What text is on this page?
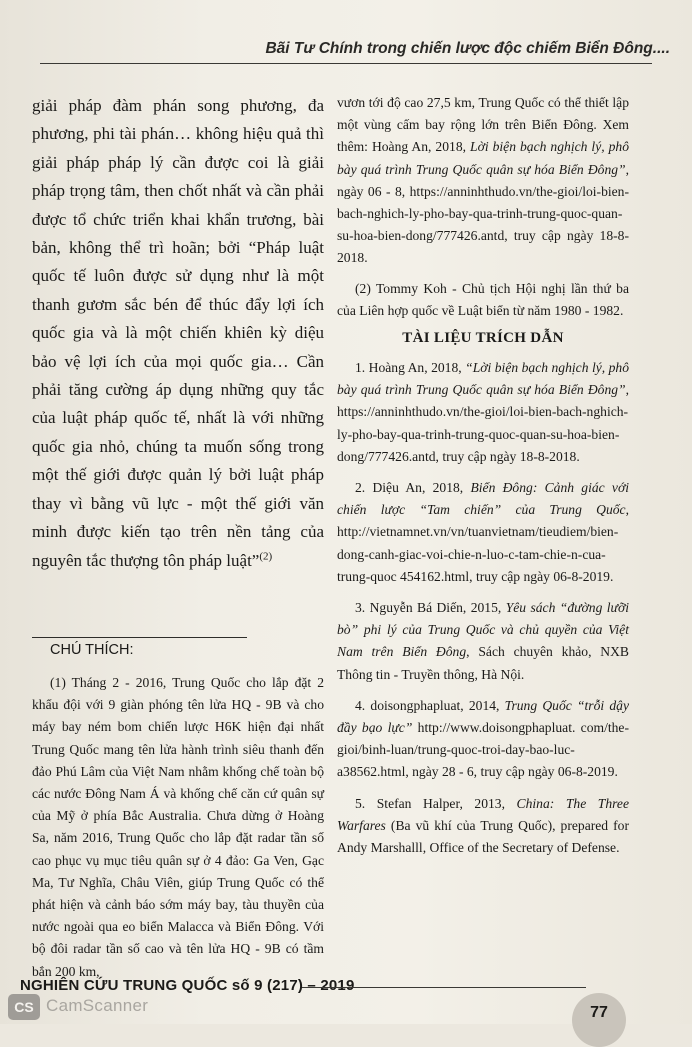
Bãi Tư Chính trong chiến lược độc chiếm Biển Đông....

giải pháp đàm phán song phương, đa phương, phi tài phán… không hiệu quả thì giải pháp pháp lý cần được coi là giải pháp trọng tâm, then chốt nhất và cần phải được tổ chức triển khai khẩn trương, bài bản, không thể trì hoãn; bởi “Pháp luật quốc tế luôn được sử dụng như là một thanh gươm sắc bén để thúc đẩy lợi ích quốc gia và là một chiến khiên kỳ diệu bảo vệ lợi ích của mọi quốc gia… Cần phải tăng cường áp dụng những quy tắc của luật pháp quốc tế, nhất là với những quốc gia nhỏ, chúng ta muốn sống trong một thế giới được quản lý bởi luật pháp thay vì bằng vũ lực - một thế giới văn minh được kiến tạo trên nền tảng của nguyên tắc thượng tôn pháp luật”$^{(2)}$

CHÚ THÍCH:

(1) Tháng 2 - 2016, Trung Quốc cho lắp đặt 2 khẩu đội với 9 giàn phóng tên lửa HQ - 9B và cho máy bay ném bom chiến lược H6K hiện đại nhất Trung Quốc mang tên lửa hành trình siêu thanh đến đảo Phú Lâm của Việt Nam nhằm khống chế toàn bộ các nước Đông Nam Á và khống chế căn cứ quân sự của Mỹ ở phía Bắc Australia. Chưa dừng ở Hoàng Sa, năm 2016, Trung Quốc cho lắp đặt radar tần số cao phục vụ mục tiêu quân sự ở 4 đảo: Ga Ven, Gạc Ma, Tư Nghĩa, Châu Viên, giúp Trung Quốc có thể phát hiện và cảnh báo sớm máy bay, tàu thuyền của nước ngoài qua eo biển Malacca và Biển Đông. Với bộ đôi radar tần số cao và tên lửa HQ - 9B có tầm bắn 200 km,

vươn tới độ cao 27,5 km, Trung Quốc có thể thiết lập một vùng cấm bay rộng lớn trên Biển Đông. Xem thêm: Hoàng An, 2018, Lời biện bạch nghịch lý, phô bày quá trình Trung Quốc quân sự hóa Biển Đông”, ngày 06 - 8, https://anninhthudo.vn/the-gioi/loi-bien-bach-nghich-ly-pho-bay-qua-trinh-trung-quoc-quan-su-hoa-bien-dong/777426.antd, truy cập ngày 18-8-2018.

(2) Tommy Koh - Chủ tịch Hội nghị lần thứ ba của Liên hợp quốc về Luật biển từ năm 1980 - 1982.

TÀI LIỆU TRÍCH DẪN

1. Hoàng An, 2018, “Lời biện bạch nghịch lý, phô bày quá trình Trung Quốc quân sự hóa Biển Đông”, https://anninhthudo.vn/the-gioi/loi-bien-bach-nghich-ly-pho-bay-qua-trinh-trung-quoc-quan-su-hoa-bien-dong/777426.antd, truy cập ngày 18-8-2018.

2. Diệu An, 2018, Biển Đông: Cảnh giác với chiến lược “Tam chiến” của Trung Quốc, http://vietnamnet.vn/vn/tuanvietnam/tieudiem/bien-dong-canh-giac-voi-chie-n-luo-c-tam-chie-n-cua-trung-quoc 454162.html, truy cập ngày 06-8-2019.

3. Nguyễn Bá Diến, 2015, Yêu sách “đường lưỡi bò” phi lý của Trung Quốc và chủ quyền của Việt Nam trên Biển Đông, Sách chuyên khảo, NXB Thông tin - Truyền thông, Hà Nội.

4. doisongphapluat, 2014, Trung Quốc “trỗi dậy đầy bạo lực” http://www.doisongphapluat. com/the-gioi/binh-luan/trung-quoc-troi-day-bao-luc-a38562.html, ngày 28 - 6, truy cập ngày 06-8-2019.

5. Stefan Halper, 2013, China: The Three Warfares (Ba vũ khí của Trung Quốc), prepared for Andy Marshalll, Office of the Secretary of Defense.

NGHIÊN CỨU TRUNG QUỐC số 9 (217) – 2019
77
CS CamScanner
